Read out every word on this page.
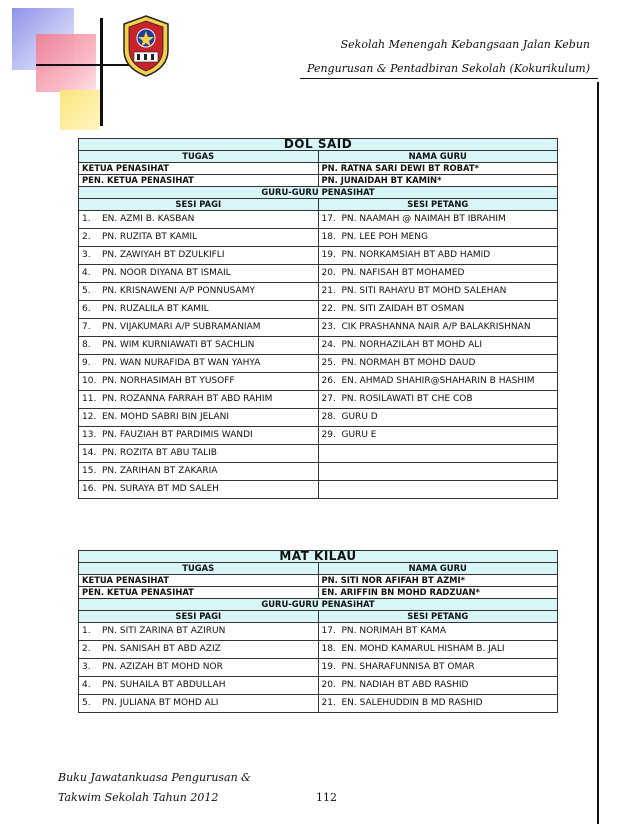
Sekolah Menengah Kebangsaan Jalan Kebun
Pengurusan & Pentadbiran Sekolah (Kokurikulum)
DOL SAID	
TUGAS	NAMA GURU
KETUA PENASIHAT	PN. RATNA SARI DEWI BT ROBAT*
PEN. KETUA PENASIHAT	PN. JUNAIDAH BT KAMIN*
GURU-GURU PENASIHAT	
SESI PAGI	SESI PETANG
1. EN. AZMI B. KASBAN	17. PN. NAAMAH @ NAIMAH BT IBRAHIM
2. PN. RUZITA BT KAMIL	18. PN. LEE POH MENG
3. PN. ZAWIYAH BT DZULKIFLI	19. PN. NORKAMSIAH BT ABD HAMID
4. PN. NOOR DIYANA BT ISMAIL	20. PN. NAFISAH BT MOHAMED
5. PN. KRISNAWENI A/P PONNUSAMY	21. PN. SITI RAHAYU BT MOHD SALEHAN
6. PN. RUZALILA BT KAMIL	22. PN. SITI ZAIDAH BT OSMAN
7. PN. VIJAKUMARI A/P SUBRAMANIAM	23. CIK PRASHANNA NAIR A/P BALAKRISHNAN
8. PN. WIM KURNIAWATI BT SACHLIN	24. PN. NORHAZILAH BT MOHD ALI
9. PN. WAN NURAFIDA BT WAN YAHYA	25. PN. NORMAH BT MOHD DAUD
10. PN. NORHASIMAH BT YUSOFF	26. EN. AHMAD SHAHIR@SHAHARIN B HASHIM
11. PN. ROZANNA FARRAH BT ABD RAHIM	27. PN. ROSILAWATI BT CHE COB
12. EN. MOHD SABRI BIN JELANI	28. GURU D
13. PN. FAUZIAH BT PARDIMIS WANDI	29. GURU E
14. PN. ROZITA BT ABU TALIB	
15. PN. ZARIHAN BT ZAKARIA	
16. PN. SURAYA BT MD SALEH	
MAT KILAU	
TUGAS	NAMA GURU
KETUA PENASIHAT	PN. SITI NOR AFIFAH BT AZMI*
PEN. KETUA PENASIHAT	EN. ARIFFIN BN MOHD RADZUAN*
GURU-GURU PENASIHAT	
SESI PAGI	SESI PETANG
1. PN. SITI ZARINA BT AZIRUN	17. PN. NORIMAH BT KAMA
2. PN. SANISAH BT ABD AZIZ	18. EN. MOHD KAMARUL HISHAM B. JALI
3. PN. AZIZAH BT MOHD NOR	19. PN. SHARAFUNNISA BT OMAR
4. PN. SUHAILA BT ABDULLAH	20. PN. NADIAH BT ABD RASHID
5. PN. JULIANA BT MOHD ALI	21. EN. SALEHUDDIN B MD RASHID
Buku Jawatankuasa Pengurusan &
Takwim Sekolah Tahun 2012	112
